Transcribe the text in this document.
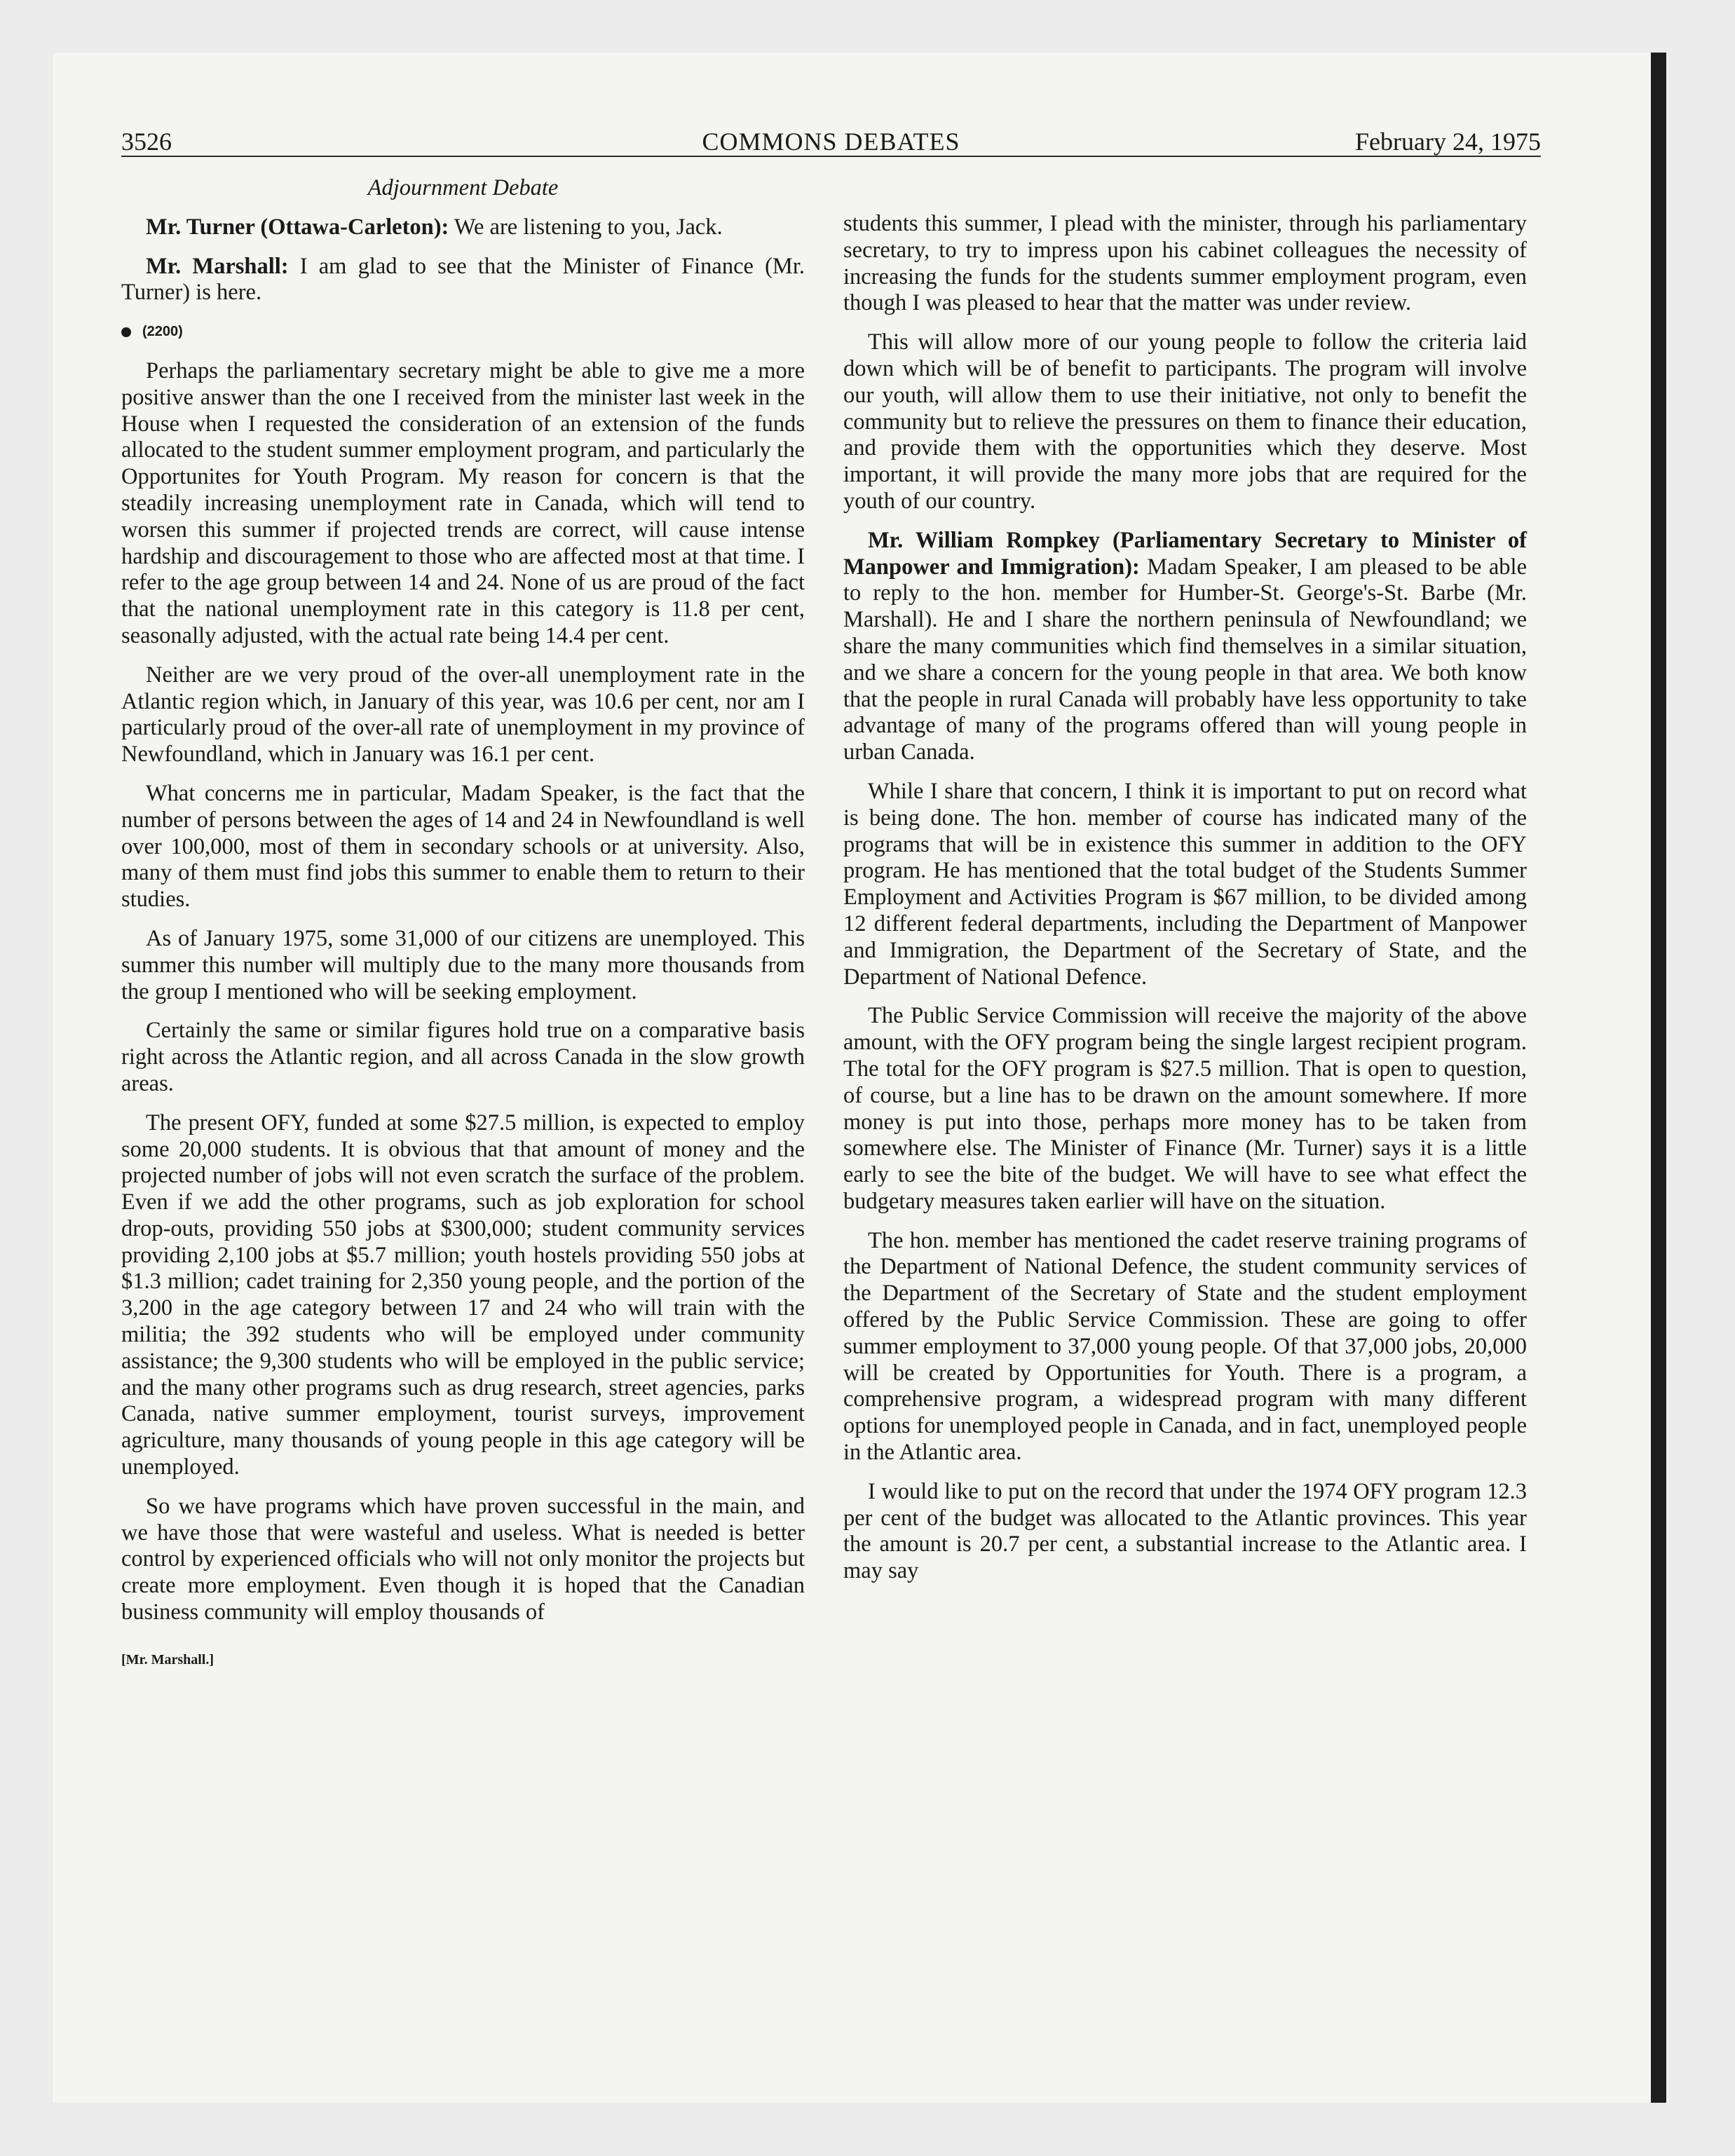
3526	COMMONS DEBATES	February 24, 1975

Adjournment Debate

Mr. Turner (Ottawa-Carleton): We are listening to you, Jack.

Mr. Marshall: I am glad to see that the Minister of Finance (Mr. Turner) is here.

(2200)

Perhaps the parliamentary secretary might be able to give me a more positive answer than the one I received from the minister last week in the House when I requested the consideration of an extension of the funds allocated to the student summer employment program, and particularly the Opportunites for Youth Program. My reason for concern is that the steadily increasing unemployment rate in Canada, which will tend to worsen this summer if projected trends are correct, will cause intense hardship and discouragement to those who are affected most at that time. I refer to the age group between 14 and 24. None of us are proud of the fact that the national unemployment rate in this category is 11.8 per cent, seasonally adjusted, with the actual rate being 14.4 per cent.

Neither are we very proud of the over-all unemployment rate in the Atlantic region which, in January of this year, was 10.6 per cent, nor am I particularly proud of the over-all rate of unemployment in my province of Newfoundland, which in January was 16.1 per cent.

What concerns me in particular, Madam Speaker, is the fact that the number of persons between the ages of 14 and 24 in Newfoundland is well over 100,000, most of them in secondary schools or at university. Also, many of them must find jobs this summer to enable them to return to their studies.

As of January 1975, some 31,000 of our citizens are unemployed. This summer this number will multiply due to the many more thousands from the group I mentioned who will be seeking employment.

Certainly the same or similar figures hold true on a comparative basis right across the Atlantic region, and all across Canada in the slow growth areas.

The present OFY, funded at some $27.5 million, is expected to employ some 20,000 students. It is obvious that that amount of money and the projected number of jobs will not even scratch the surface of the problem. Even if we add the other programs, such as job exploration for school drop-outs, providing 550 jobs at $300,000; student community services providing 2,100 jobs at $5.7 million; youth hostels providing 550 jobs at $1.3 million; cadet training for 2,350 young people, and the portion of the 3,200 in the age category between 17 and 24 who will train with the militia; the 392 students who will be employed under community assistance; the 9,300 students who will be employed in the public service; and the many other programs such as drug research, street agencies, parks Canada, native summer employment, tourist surveys, improvement agriculture, many thousands of young people in this age category will be unemployed.

So we have programs which have proven successful in the main, and we have those that were wasteful and useless. What is needed is better control by experienced officials who will not only monitor the projects but create more employment. Even though it is hoped that the Canadian business community will employ thousands of

[Mr. Marshall.]

students this summer, I plead with the minister, through his parliamentary secretary, to try to impress upon his cabinet colleagues the necessity of increasing the funds for the students summer employment program, even though I was pleased to hear that the matter was under review.

This will allow more of our young people to follow the criteria laid down which will be of benefit to participants. The program will involve our youth, will allow them to use their initiative, not only to benefit the community but to relieve the pressures on them to finance their education, and provide them with the opportunities which they deserve. Most important, it will provide the many more jobs that are required for the youth of our country.

Mr. William Rompkey (Parliamentary Secretary to Minister of Manpower and Immigration): Madam Speaker, I am pleased to be able to reply to the hon. member for Humber-St. George's-St. Barbe (Mr. Marshall). He and I share the northern peninsula of Newfoundland; we share the many communities which find themselves in a similar situation, and we share a concern for the young people in that area. We both know that the people in rural Canada will probably have less opportunity to take advantage of many of the programs offered than will young people in urban Canada.

While I share that concern, I think it is important to put on record what is being done. The hon. member of course has indicated many of the programs that will be in existence this summer in addition to the OFY program. He has mentioned that the total budget of the Students Summer Employment and Activities Program is $67 million, to be divided among 12 different federal departments, including the Department of Manpower and Immigration, the Department of the Secretary of State, and the Department of National Defence.

The Public Service Commission will receive the majority of the above amount, with the OFY program being the single largest recipient program. The total for the OFY program is $27.5 million. That is open to question, of course, but a line has to be drawn on the amount somewhere. If more money is put into those, perhaps more money has to be taken from somewhere else. The Minister of Finance (Mr. Turner) says it is a little early to see the bite of the budget. We will have to see what effect the budgetary measures taken earlier will have on the situation.

The hon. member has mentioned the cadet reserve training programs of the Department of National Defence, the student community services of the Department of the Secretary of State and the student employment offered by the Public Service Commission. These are going to offer summer employment to 37,000 young people. Of that 37,000 jobs, 20,000 will be created by Opportunities for Youth. There is a program, a comprehensive program, a widespread program with many different options for unemployed people in Canada, and in fact, unemployed people in the Atlantic area.

I would like to put on the record that under the 1974 OFY program 12.3 per cent of the budget was allocated to the Atlantic provinces. This year the amount is 20.7 per cent, a substantial increase to the Atlantic area. I may say
